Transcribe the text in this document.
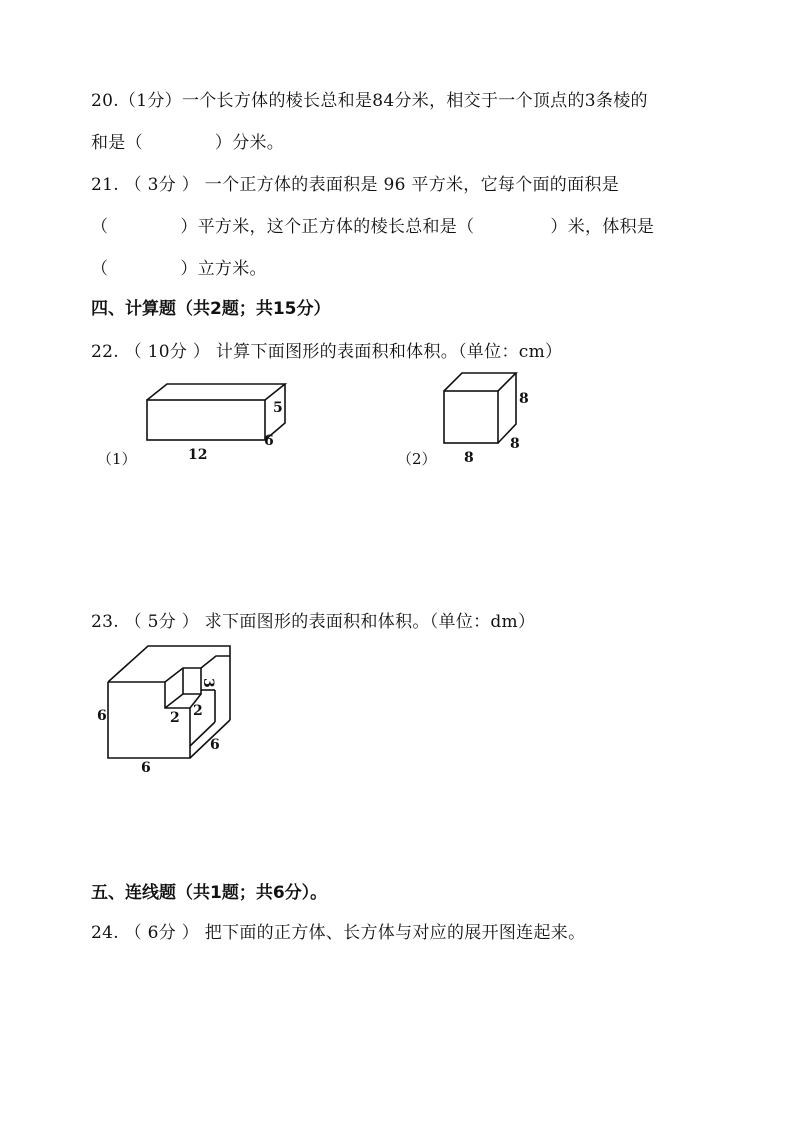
20.（1分）一个长方体的棱长总和是84分米，相交于一个顶点的3条棱的
和是（	）分米。
21. （ 3分 ） 一个正方体的表面积是 96 平方米，它每个面的面积是
（	）平方米，这个正方体的棱长总和是（	）米，体积是
（	）立方米。
四、计算题（共2题；共15分）
22. （ 10分 ） 计算下面图形的表面积和体积。（单位：cm）
5
6
12
（1）
8
8
8
（2）
23. （ 5分 ） 求下面图形的表面积和体积。（单位：dm）
6
6
6
2 2
3
五、连线题（共1题；共6分）。
24. （ 6分 ） 把下面的正方体、长方体与对应的展开图连起来。
